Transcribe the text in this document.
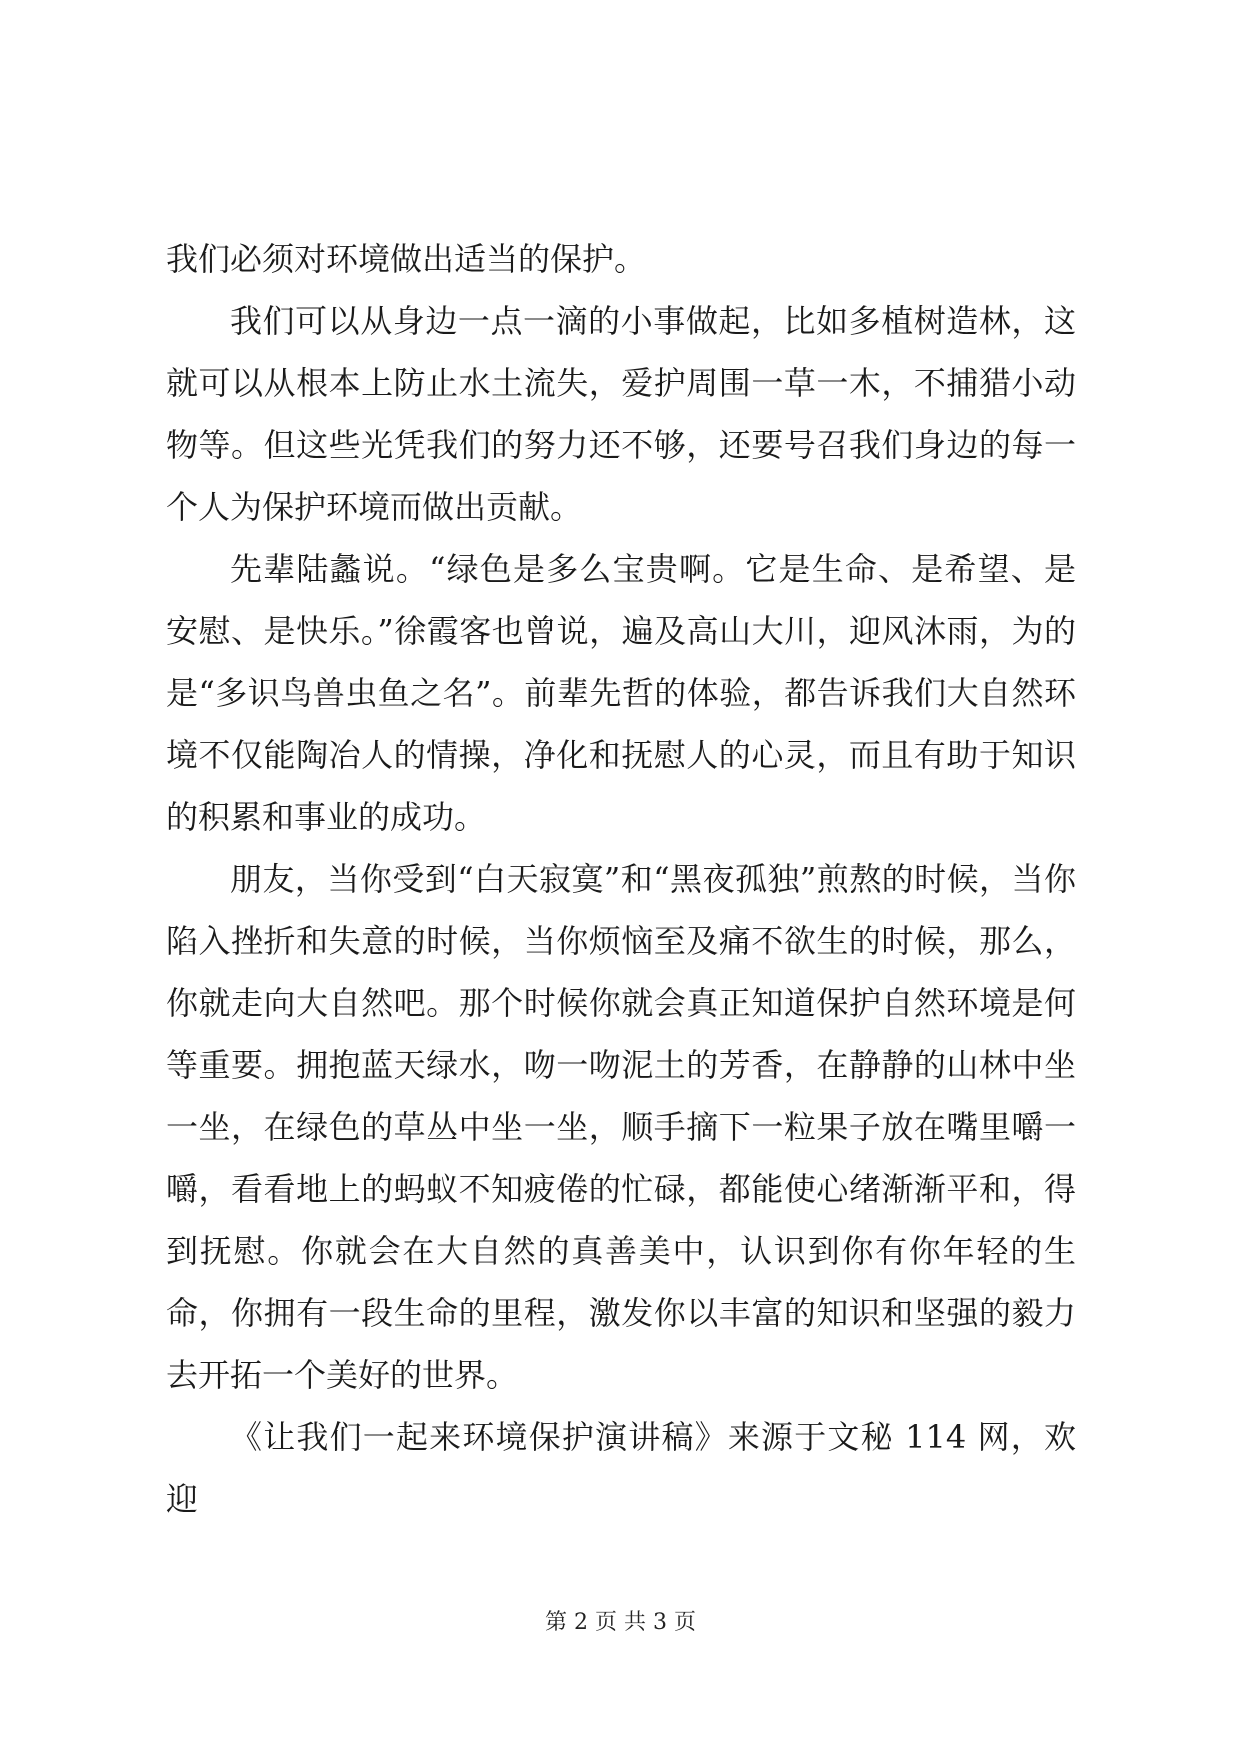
我们必须对环境做出适当的保护。

我们可以从身边一点一滴的小事做起，比如多植树造林，这就可以从根本上防止水土流失，爱护周围一草一木，不捕猎小动物等。但这些光凭我们的努力还不够，还要号召我们身边的每一个人为保护环境而做出贡献。

先辈陆蠡说。“绿色是多么宝贵啊。它是生命、是希望、是安慰、是快乐。”徐霞客也曾说，遍及高山大川，迎风沐雨，为的是“多识鸟兽虫鱼之名”。前辈先哲的体验，都告诉我们大自然环境不仅能陶冶人的情操，净化和抚慰人的心灵，而且有助于知识的积累和事业的成功。

朋友，当你受到“白天寂寞”和“黑夜孤独”煎熬的时候，当你陷入挫折和失意的时候，当你烦恼至及痛不欲生的时候，那么，你就走向大自然吧。那个时候你就会真正知道保护自然环境是何等重要。拥抱蓝天绿水，吻一吻泥土的芳香，在静静的山林中坐一坐，在绿色的草丛中坐一坐，顺手摘下一粒果子放在嘴里嚼一嚼，看看地上的蚂蚁不知疲倦的忙碌，都能使心绪渐渐平和，得到抚慰。你就会在大自然的真善美中，认识到你有你年轻的生命，你拥有一段生命的里程，激发你以丰富的知识和坚强的毅力去开拓一个美好的世界。

《让我们一起来环境保护演讲稿》来源于文秘 114 网，欢迎

第 2 页 共 3 页
